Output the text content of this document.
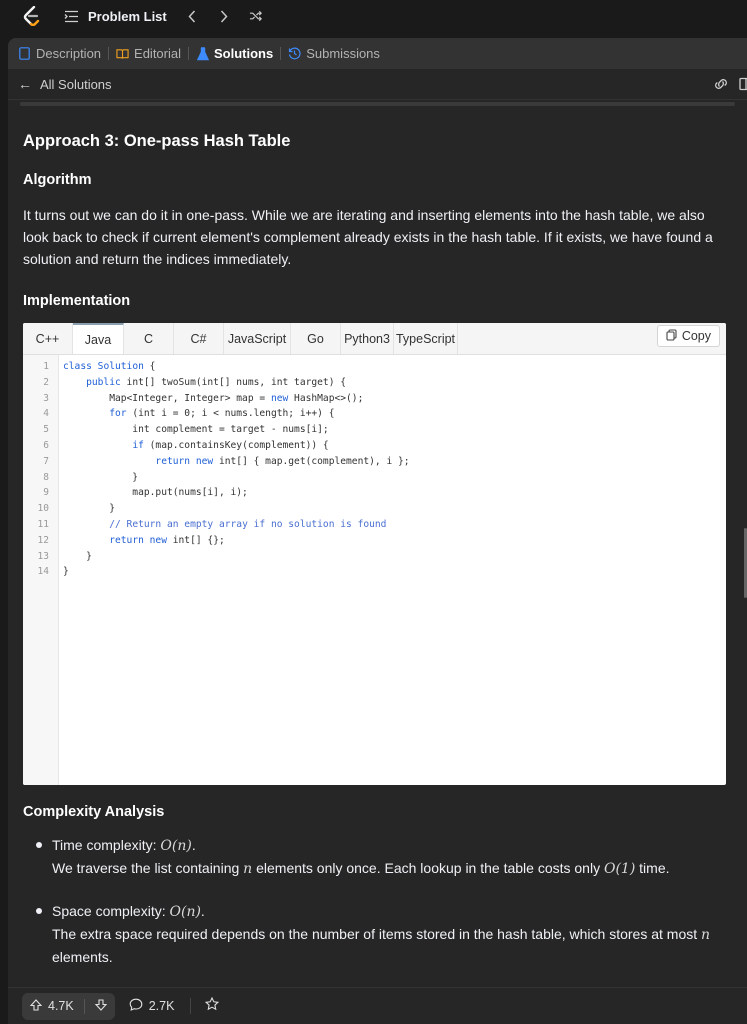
Problem List
Description	Editorial	Solutions	Submissions
← All Solutions
Approach 3: One-pass Hash Table
Algorithm

It turns out we can do it in one-pass. While we are iterating and inserting elements into the hash table, we also look back to check if current element's complement already exists in the hash table. If it exists, we have found a solution and return the indices immediately.

Implementation
C++	Java	C	C#	JavaScript	Go	Python3 TypeScript	Copy
1
2
3
4
5
6
7
8
9
10
11
12
13
14
class Solution {
public int[] twoSum(int[] nums, int target) {
Map<Integer, Integer> map = new HashMap<>();
for (int i = 0; i < nums.length; i++) {
int complement = target - nums[i];
if (map.containsKey(complement)) {
return new int[] { map.get(complement), i };
}
map.put(nums[i], i);
}
// Return an empty array if no solution is found
return new int[] {};
}
}
Complexity Analysis
Time complexity: O(n).
We traverse the list containing n elements only once. Each lookup in the table costs only O(1) time.
Space complexity: O(n).
The extra space required depends on the number of items stored in the hash table, which stores at most n elements.
4.7K	2.7K
